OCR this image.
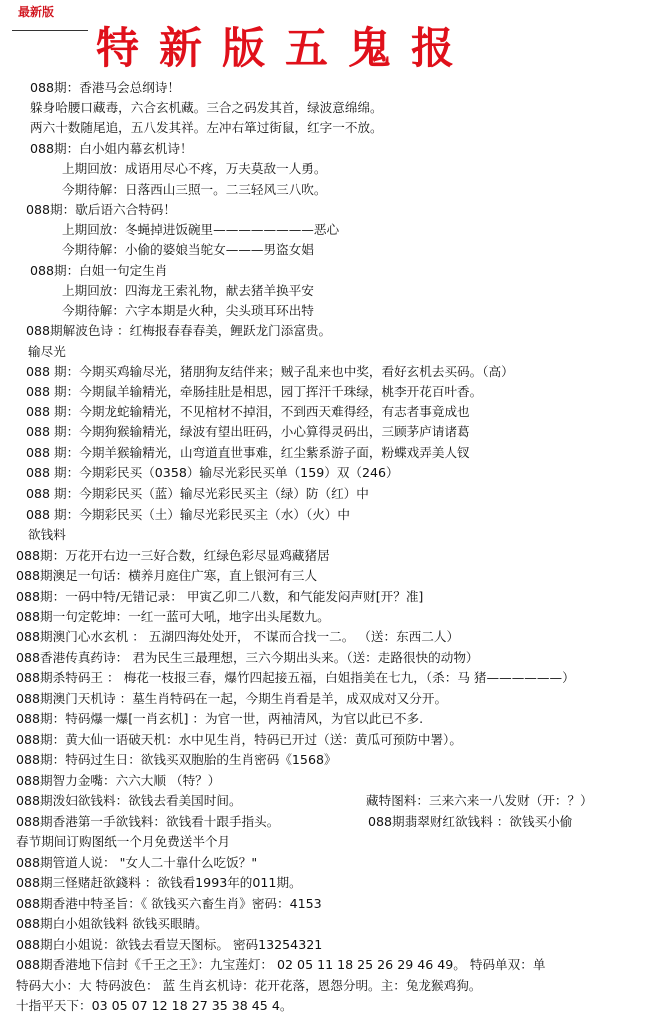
最新版
特新版五鬼报
088期：香港马会总纲诗！
躲身哈腰口藏毒，六合玄机藏。三合之码发其首，绿波意绵绵。
两六十数随尾追，五八发其祥。左冲右箪过街鼠，红字一不放。
088期：白小姐内幕玄机诗！
上期回放：成语用尽心不疼，万夫莫敌一人勇。
今期待解：日落西山三照一。二三轻风三八吹。
088期：歇后语六合特码！
上期回放：冬蝇掉进饭碗里————————恶心
今期待解：小偷的婆娘当鸵女———男盗女娼
088期：白姐一句定生肖
上期回放：四海龙王索礼物，献去猪羊换平安
今期待解：六字本期是火种，尖头琐耳环出特
088期解波色诗 ：红梅报春春春美，鲤跃龙门添富贵。
输尽光
088 期：今期买鸡输尽光，猪朋狗友结伴来；贼子乱来也中奖，看好玄机去买码。（高）
088 期：今期鼠羊输精光，牵肠挂肚是相思，园丁挥汗千珠绿，桃李开花百叶香。
088 期：今期龙蛇输精光，不见棺材不掉泪，不到西天难得经，有志者事竟成也
088 期：今期狗猴输精光，绿波有望出旺码，小心算得灵码出，三顾茅庐请诸葛
088 期：今期羊猴输精光，山弯道直世事难，红尘紫系游子面，粉蝶戏弄美人钗
088 期：今期彩民买（0358）输尽光彩民买单（159）双（246）
088 期：今期彩民买（蓝）输尽光彩民买主（绿）防（红）中
088 期：今期彩民买（土）输尽光彩民买主（水）（火）中
欲钱料
088期：万花开右边一三好合数，红绿色彩尽显鸡藏猪居
088期澳足一句话：横养月庭住广寒，直上银河有三人
088期：一码中特/无错记录： 甲寅乙卯二八数，和气能发闷声财[开？准]
088期一句定乾坤：一红一蓝可大吼，地字出头尾数九。
088期澳门心水玄机 ： 五湖四海处处开， 不谋而合找一二。 （送：东西二人）
088香港传真药诗： 君为民生三最理想，三六今期出头来。（送：走路很快的动物）
088期杀特码王 ： 梅花一枝报三春，爆竹四起接五福，白姐指美在七九，（杀：马 猪——————）
088期澳门天机诗 ：墓生肖特码在一起，今期生肖看是羊，成双成对又分开。
088期：特码爆一爆[一肖玄机] ：为官一世，两袖清风，为官以此已不多.
088期：黄大仙一语破天机：水中见生肖，特码已开过（送：黄瓜可预防中署）。
088期：特码过生日：欲钱买双胞胎的生肖密码《1568》
088期智力金嘴：六六大顺 （特？）
088期泼妇欲钱料：欲钱去看美国时间。	藏特图料：三来六来一八发财（开：？）
088期香港第一手欲钱料：欲钱看十跟手指头。	088期翡翠财红欲钱料 ：欲钱买小偷
春节期间订购图纸一个月免费送半个月
088期管道人说： "女人二十靠什么吃饭？"
088期三怪赌赶欲錢料 ：欲钱看1993年的011期。
088期香港中特圣旨：《 欲钱买六畜生肖》密码：4153
088期白小姐欲钱料 欲钱买眼睛。
088期白小姐说：欲钱去看豈天图标。 密码13254321
088期香港地下信封《千王之王》：九宝莲灯： 02 05 11 18 25 26 29 46 49。 特码单双：单
特码大小：大 特码波色： 蓝 生肖玄机诗：花开花落，恩怨分明。主：兔龙猴鸡狗。
十指平天下：03 05 07 12 18 27 35 38 45 4。
